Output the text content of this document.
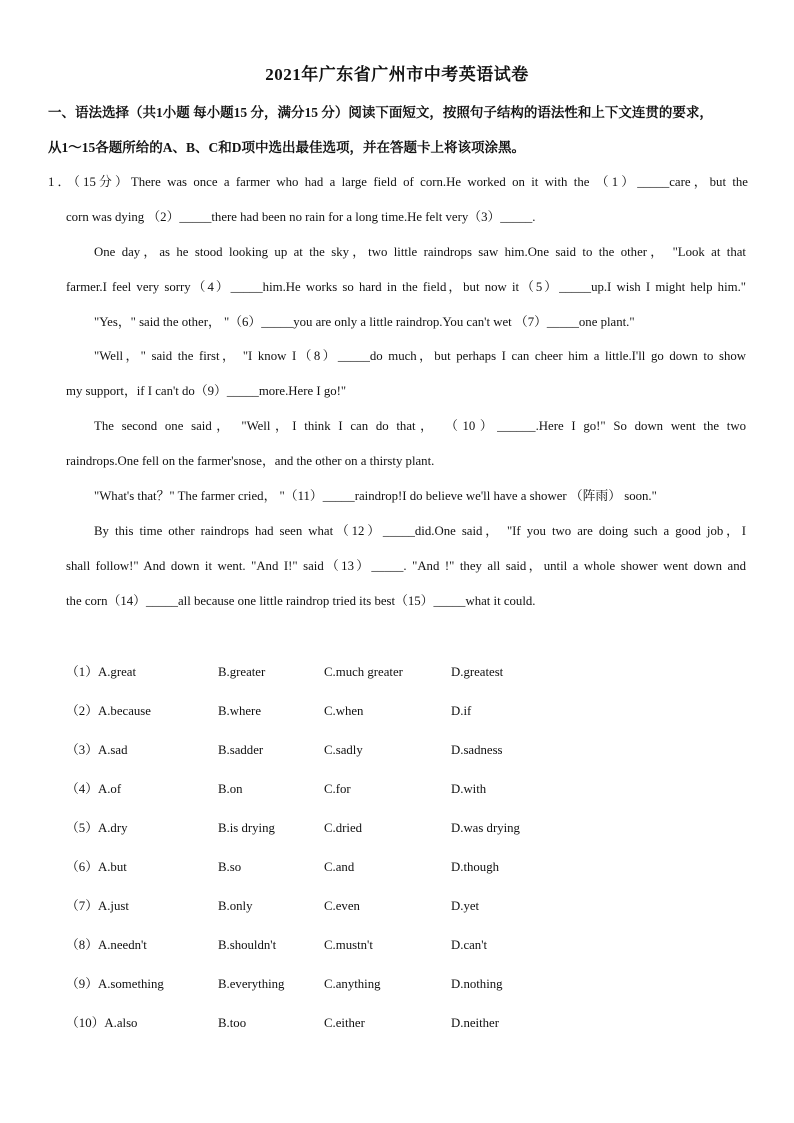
2021年广东省广州市中考英语试卷
一、语法选择（共1小题 每小题15 分，满分15 分）阅读下面短文，按照句子结构的语法性和上下文连贯的要求，
从1～15各题所给的A、B、C和D项中选出最佳选项，并在答题卡上将该项涂黑。
1．（15分）There was once a farmer who had a large field of corn.He worked on it with the （1）_____care，but the
corn was dying （2）_____there had been no rain for a long time.He felt very（3）_____.
One day，as he stood looking up at the sky，two little raindrops saw him.One said to the other， "Look at that
farmer.I feel very sorry（4）_____him.He works so hard in the field，but now it（5）_____up.I wish I might help him."
"Yes，" said the other， "（6）_____you are only a little raindrop.You can't wet （7）_____one plant."
"Well，" said the first， "I know I（8）_____do much，but perhaps I can cheer him a little.I'll go down to show
my support，if I can't do（9）_____more.Here I go!"
The second one said， "Well，I think I can do that， （10）______.Here I go!" So down went the two
raindrops.One fell on the farmer'snose，and the other on a thirsty plant.
"What's that？" The farmer cried， "（11）_____raindrop!I do believe we'll have a shower （阵雨） soon."
By this time other raindrops had seen what（12）_____did.One said， "If you two are doing such a good job，I
shall follow!" And down it went. "And I!" said（13）_____. "And !" they all said，until a whole shower went down and
the corn（14）_____all because one little raindrop tried its best（15）_____what it could.
（1）A.great	B.greater	C.much greater	D.greatest
（2）A.because	B.where	C.when	D.if
（3）A.sad	B.sadder	C.sadly	D.sadness
（4）A.of	B.on	C.for	D.with
（5）A.dry	B.is drying	C.dried	D.was drying
（6）A.but	B.so	C.and	D.though
（7）A.just	B.only	C.even	D.yet
（8）A.needn't	B.shouldn't	C.mustn't	D.can't
（9）A.something	B.everything	C.anything	D.nothing
（10）A.also	B.too	C.either	D.neither
